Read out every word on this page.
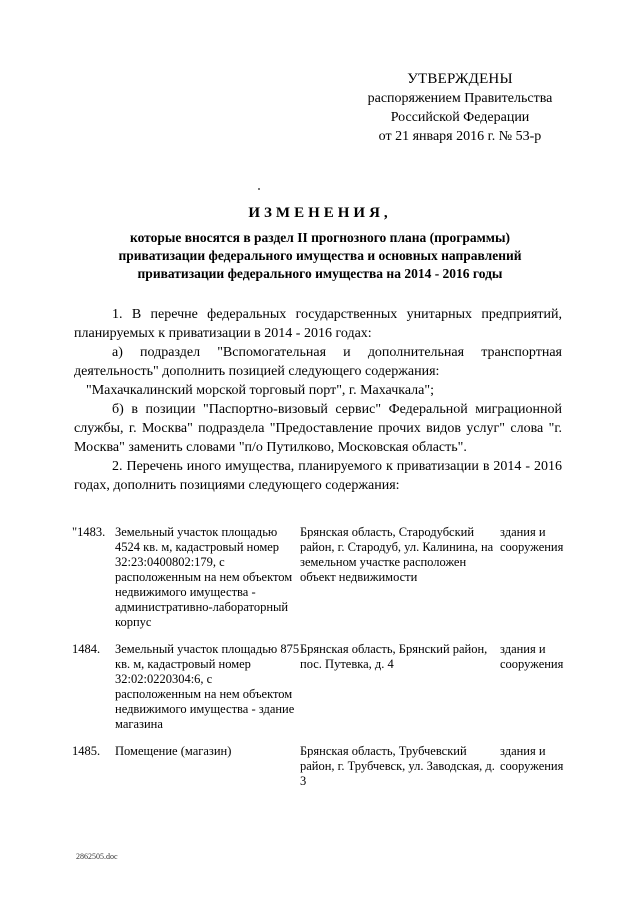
УТВЕРЖДЕНЫ
распоряжением Правительства
Российской Федерации
от 21 января 2016 г. № 53-р
ИЗМЕНЕНИЯ,
которые вносятся в раздел II прогнозного плана (программы)
приватизации федерального имущества и основных направлений
приватизации федерального имущества на 2014 - 2016 годы

1. В перечне федеральных государственных унитарных предприятий, планируемых к приватизации в 2014 - 2016 годах:

а) подраздел "Вспомогательная и дополнительная транспортная деятельность" дополнить позицией следующего содержания:

"Махачкалинский морской торговый порт", г. Махачкала";

б) в позиции "Паспортно-визовый сервис" Федеральной миграционной службы, г. Москва" подраздела "Предоставление прочих видов услуг" слова "г. Москва" заменить словами "п/о Путилково, Московская область".

2. Перечень иного имущества, планируемого к приватизации в 2014 - 2016 годах, дополнить позициями следующего содержания:

"1483.	Земельный участок площадью 4524 кв. м, кадастровый номер 32:23:0400802:179, с расположенным на нем объектом недвижимого имущества - административно-лабораторный корпус	Брянская область, Стародубский район, г. Стародуб, ул. Калинина, на земельном участке расположен объект недвижимости	здания и сооружения
1484.	Земельный участок площадью 875 кв. м, кадастровый номер 32:02:0220304:6, с расположенным на нем объектом недвижимого имущества - здание магазина	Брянская область, Брянский район, пос. Путевка, д. 4	здания и сооружения
1485.	Помещение (магазин)	Брянская область, Трубчевский район, г. Трубчевск, ул. Заводская, д. 3	здания и сооружения
2862505.doc
